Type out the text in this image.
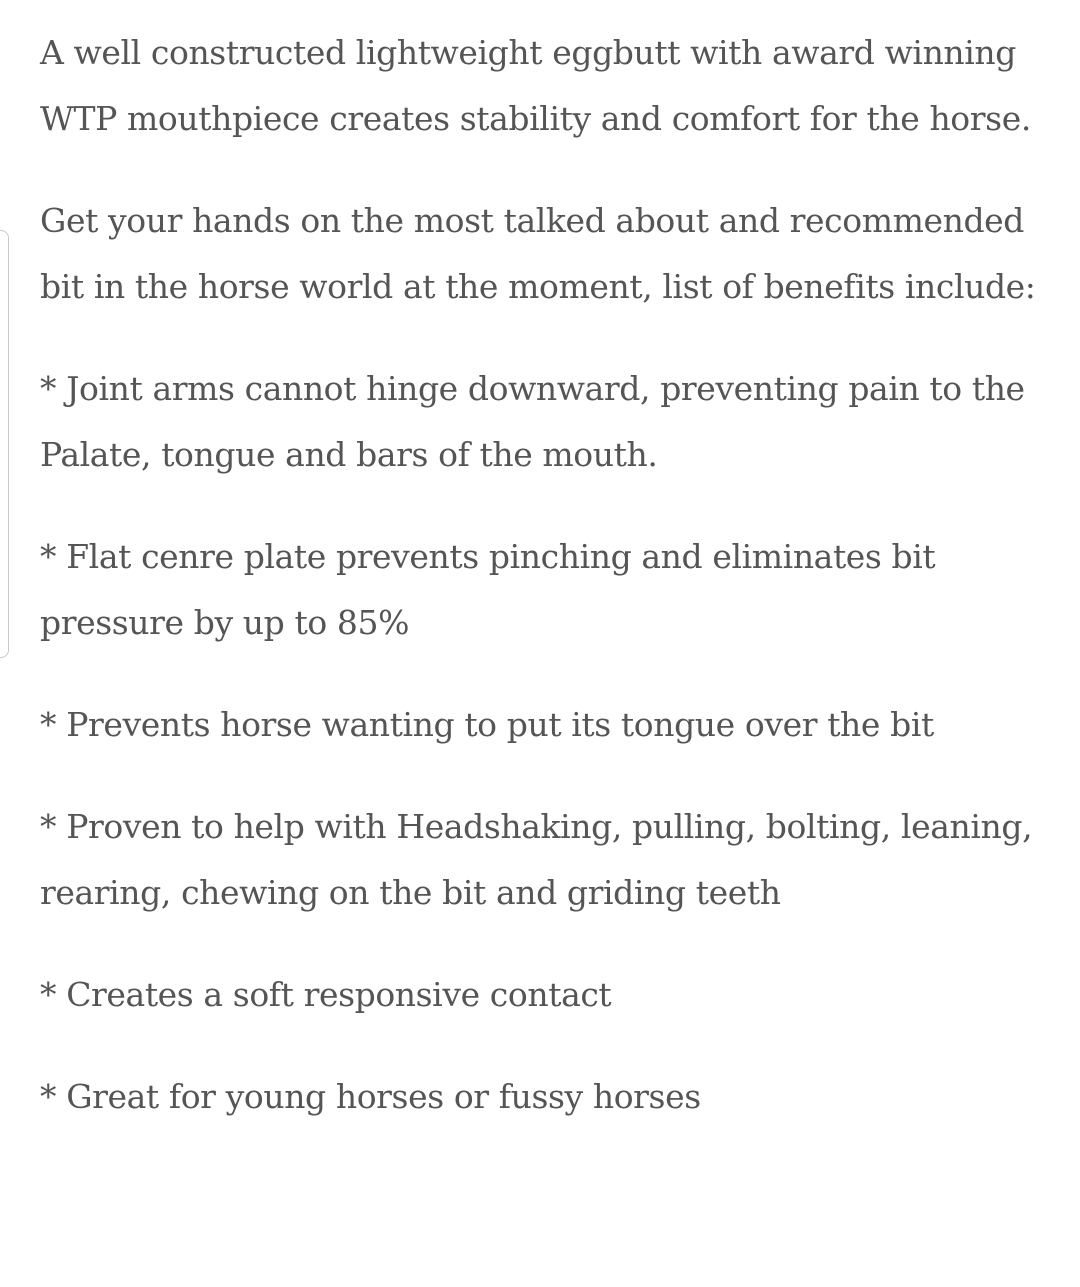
A well constructed lightweight eggbutt with award winning WTP mouthpiece creates stability and comfort for the horse.

Get your hands on the most talked about and recommended bit in the horse world at the moment, list of benefits include:

* Joint arms cannot hinge downward, preventing pain to the Palate, tongue and bars of the mouth.

* Flat cenre plate prevents pinching and eliminates bit pressure by up to 85%

* Prevents horse wanting to put its tongue over the bit

* Proven to help with Headshaking, pulling, bolting, leaning, rearing, chewing on the bit and griding teeth

* Creates a soft responsive contact

* Great for young horses or fussy horses
